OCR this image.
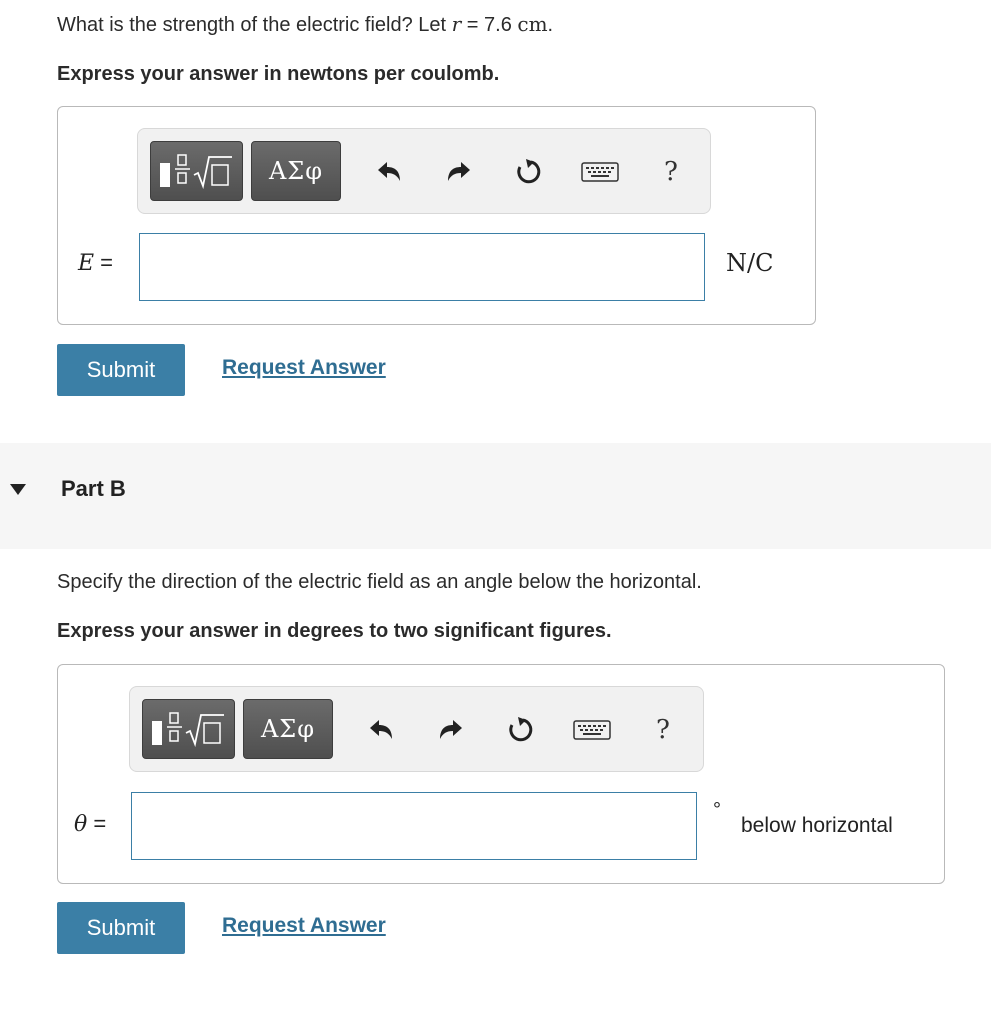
What is the strength of the electric field? Let r = 7.6 cm.
Express your answer in newtons per coulomb.
ΑΣφ	?
E =	N/C
Submit	Request Answer
Part B
Specify the direction of the electric field as an angle below the horizontal.
Express your answer in degrees to two significant figures.
ΑΣφ	?
θ =
°
below horizontal
Submit	Request Answer
